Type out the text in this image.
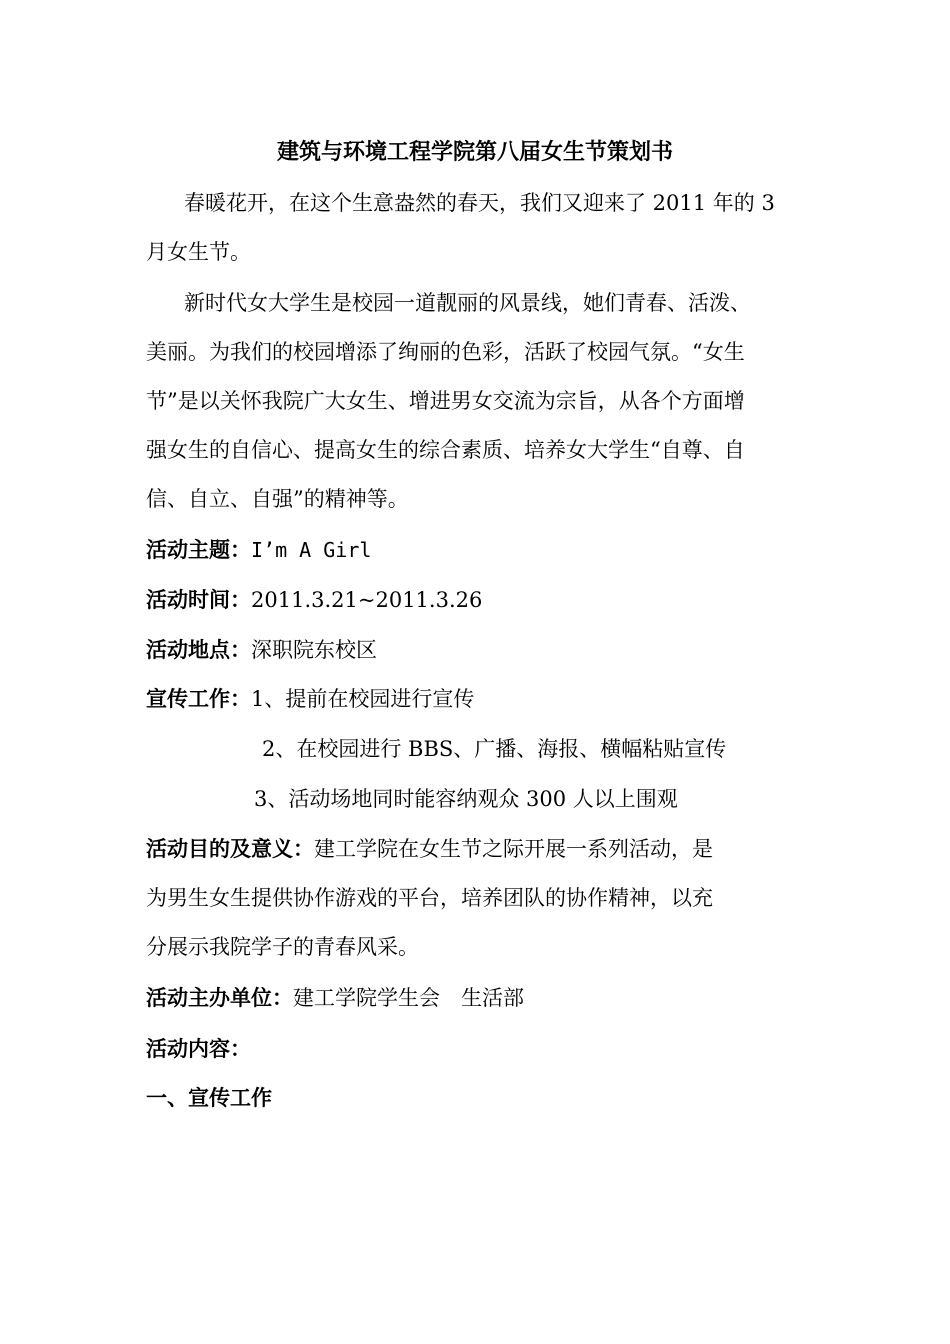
建筑与环境工程学院第八届女生节策划书
春暖花开，在这个生意盎然的春天，我们又迎来了 2011 年的 3
月女生节。
新时代女大学生是校园一道靓丽的风景线，她们青春、活泼、
美丽。为我们的校园增添了绚丽的色彩，活跃了校园气氛。“女生
节”是以关怀我院广大女生、增进男女交流为宗旨，从各个方面增
强女生的自信心、提高女生的综合素质、培养女大学生“自尊、自
信、自立、自强”的精神等。
活动主题：I’m A Girl
活动时间：2011.3.21~2011.3.26
活动地点：深职院东校区
宣传工作：1、提前在校园进行宣传
2、在校园进行 BBS、广播、海报、横幅粘贴宣传
3、活动场地同时能容纳观众 300 人以上围观
活动目的及意义：建工学院在女生节之际开展一系列活动，是
为男生女生提供协作游戏的平台，培养团队的协作精神，以充
分展示我院学子的青春风采。
活动主办单位：建工学院学生会　生活部
活动内容：
一、宣传工作
